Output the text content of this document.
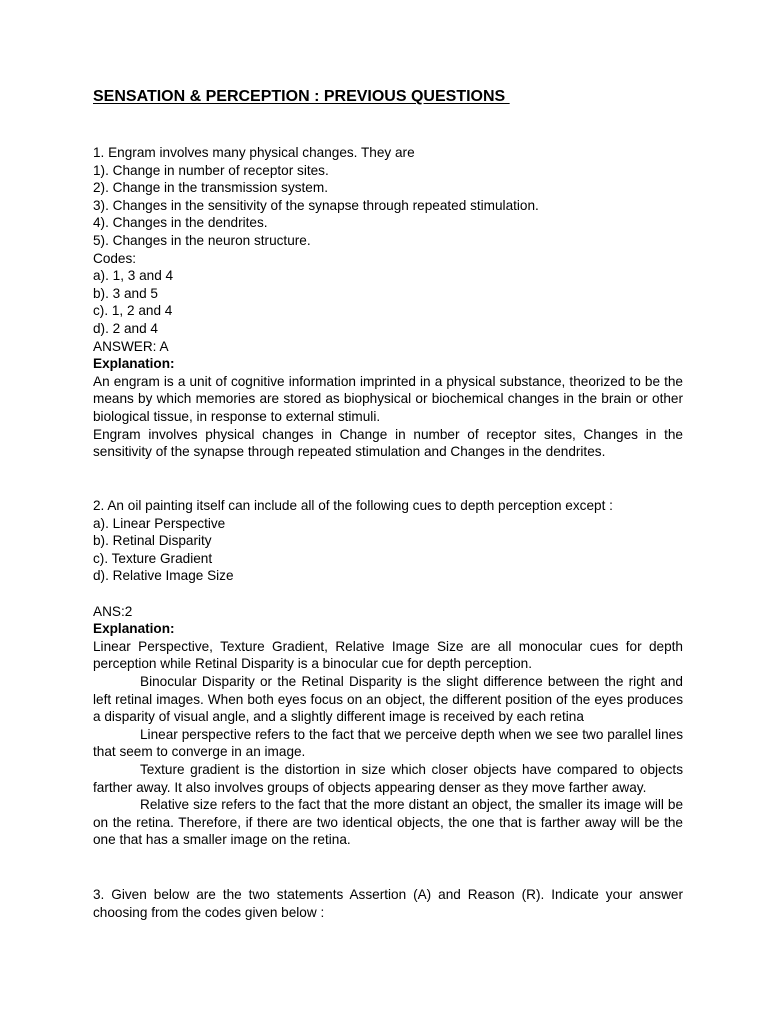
SENSATION & PERCEPTION : PREVIOUS QUESTIONS
1. Engram involves many physical changes. They are
1). Change in number of receptor sites.
2). Change in the transmission system.
3). Changes in the sensitivity of the synapse through repeated stimulation.
4). Changes in the dendrites.
5). Changes in the neuron structure.
Codes:
a). 1, 3 and 4
b). 3 and 5
c). 1, 2 and 4
d). 2 and 4
ANSWER: A
Explanation:
An engram is a unit of cognitive information imprinted in a physical substance, theorized to be the means by which memories are stored as biophysical or biochemical changes in the brain or other biological tissue, in response to external stimuli.
Engram involves physical changes in Change in number of receptor sites, Changes in the sensitivity of the synapse through repeated stimulation and Changes in the dendrites.
2. An oil painting itself can include all of the following cues to depth perception except :
a). Linear Perspective
b). Retinal Disparity
c). Texture Gradient
d). Relative Image Size
ANS:2
Explanation:
Linear Perspective, Texture Gradient, Relative Image Size are all monocular cues for depth perception while Retinal Disparity is a binocular cue for depth perception.
Binocular Disparity or the Retinal Disparity is the slight difference between the right and left retinal images. When both eyes focus on an object, the different position of the eyes produces a disparity of visual angle, and a slightly different image is received by each retina
Linear perspective refers to the fact that we perceive depth when we see two parallel lines that seem to converge in an image.
Texture gradient is the distortion in size which closer objects have compared to objects farther away. It also involves groups of objects appearing denser as they move farther away.
Relative size refers to the fact that the more distant an object, the smaller its image will be on the retina. Therefore, if there are two identical objects, the one that is farther away will be the one that has a smaller image on the retina.
3. Given below are the two statements Assertion (A) and Reason (R). Indicate your answer choosing from the codes given below :
